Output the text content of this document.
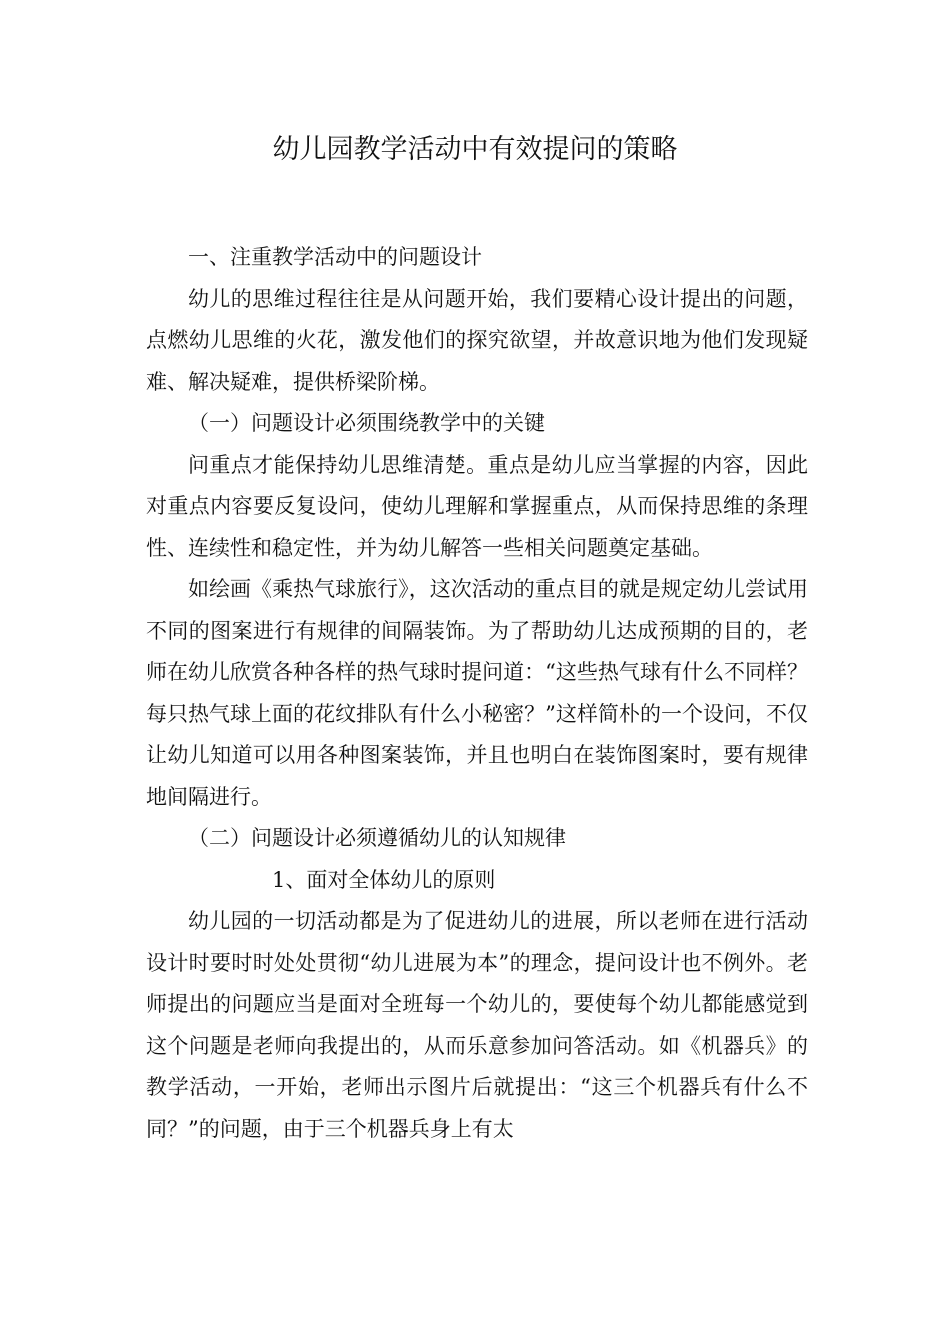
幼儿园教学活动中有效提问的策略

一、注重教学活动中的问题设计

幼儿的思维过程往往是从问题开始，我们要精心设计提出的问题，点燃幼儿思维的火花，激发他们的探究欲望，并故意识地为他们发现疑难、解决疑难，提供桥梁阶梯。

（一）问题设计必须围绕教学中的关键

问重点才能保持幼儿思维清楚。重点是幼儿应当掌握的内容，因此对重点内容要反复设问，使幼儿理解和掌握重点，从而保持思维的条理性、连续性和稳定性，并为幼儿解答一些相关问题奠定基础。

如绘画《乘热气球旅行》，这次活动的重点目的就是规定幼儿尝试用不同的图案进行有规律的间隔装饰。为了帮助幼儿达成预期的目的，老师在幼儿欣赏各种各样的热气球时提问道：“这些热气球有什么不同样？每只热气球上面的花纹排队有什么小秘密？”这样简朴的一个设问，不仅让幼儿知道可以用各种图案装饰，并且也明白在装饰图案时，要有规律地间隔进行。

（二）问题设计必须遵循幼儿的认知规律

1、面对全体幼儿的原则

幼儿园的一切活动都是为了促进幼儿的进展，所以老师在进行活动设计时要时时处处贯彻“幼儿进展为本”的理念，提问设计也不例外。老师提出的问题应当是面对全班每一个幼儿的，要使每个幼儿都能感觉到这个问题是老师向我提出的，从而乐意参加问答活动。如《机器兵》的教学活动，一开始，老师出示图片后就提出：“这三个机器兵有什么不同？”的问题，由于三个机器兵身上有太
